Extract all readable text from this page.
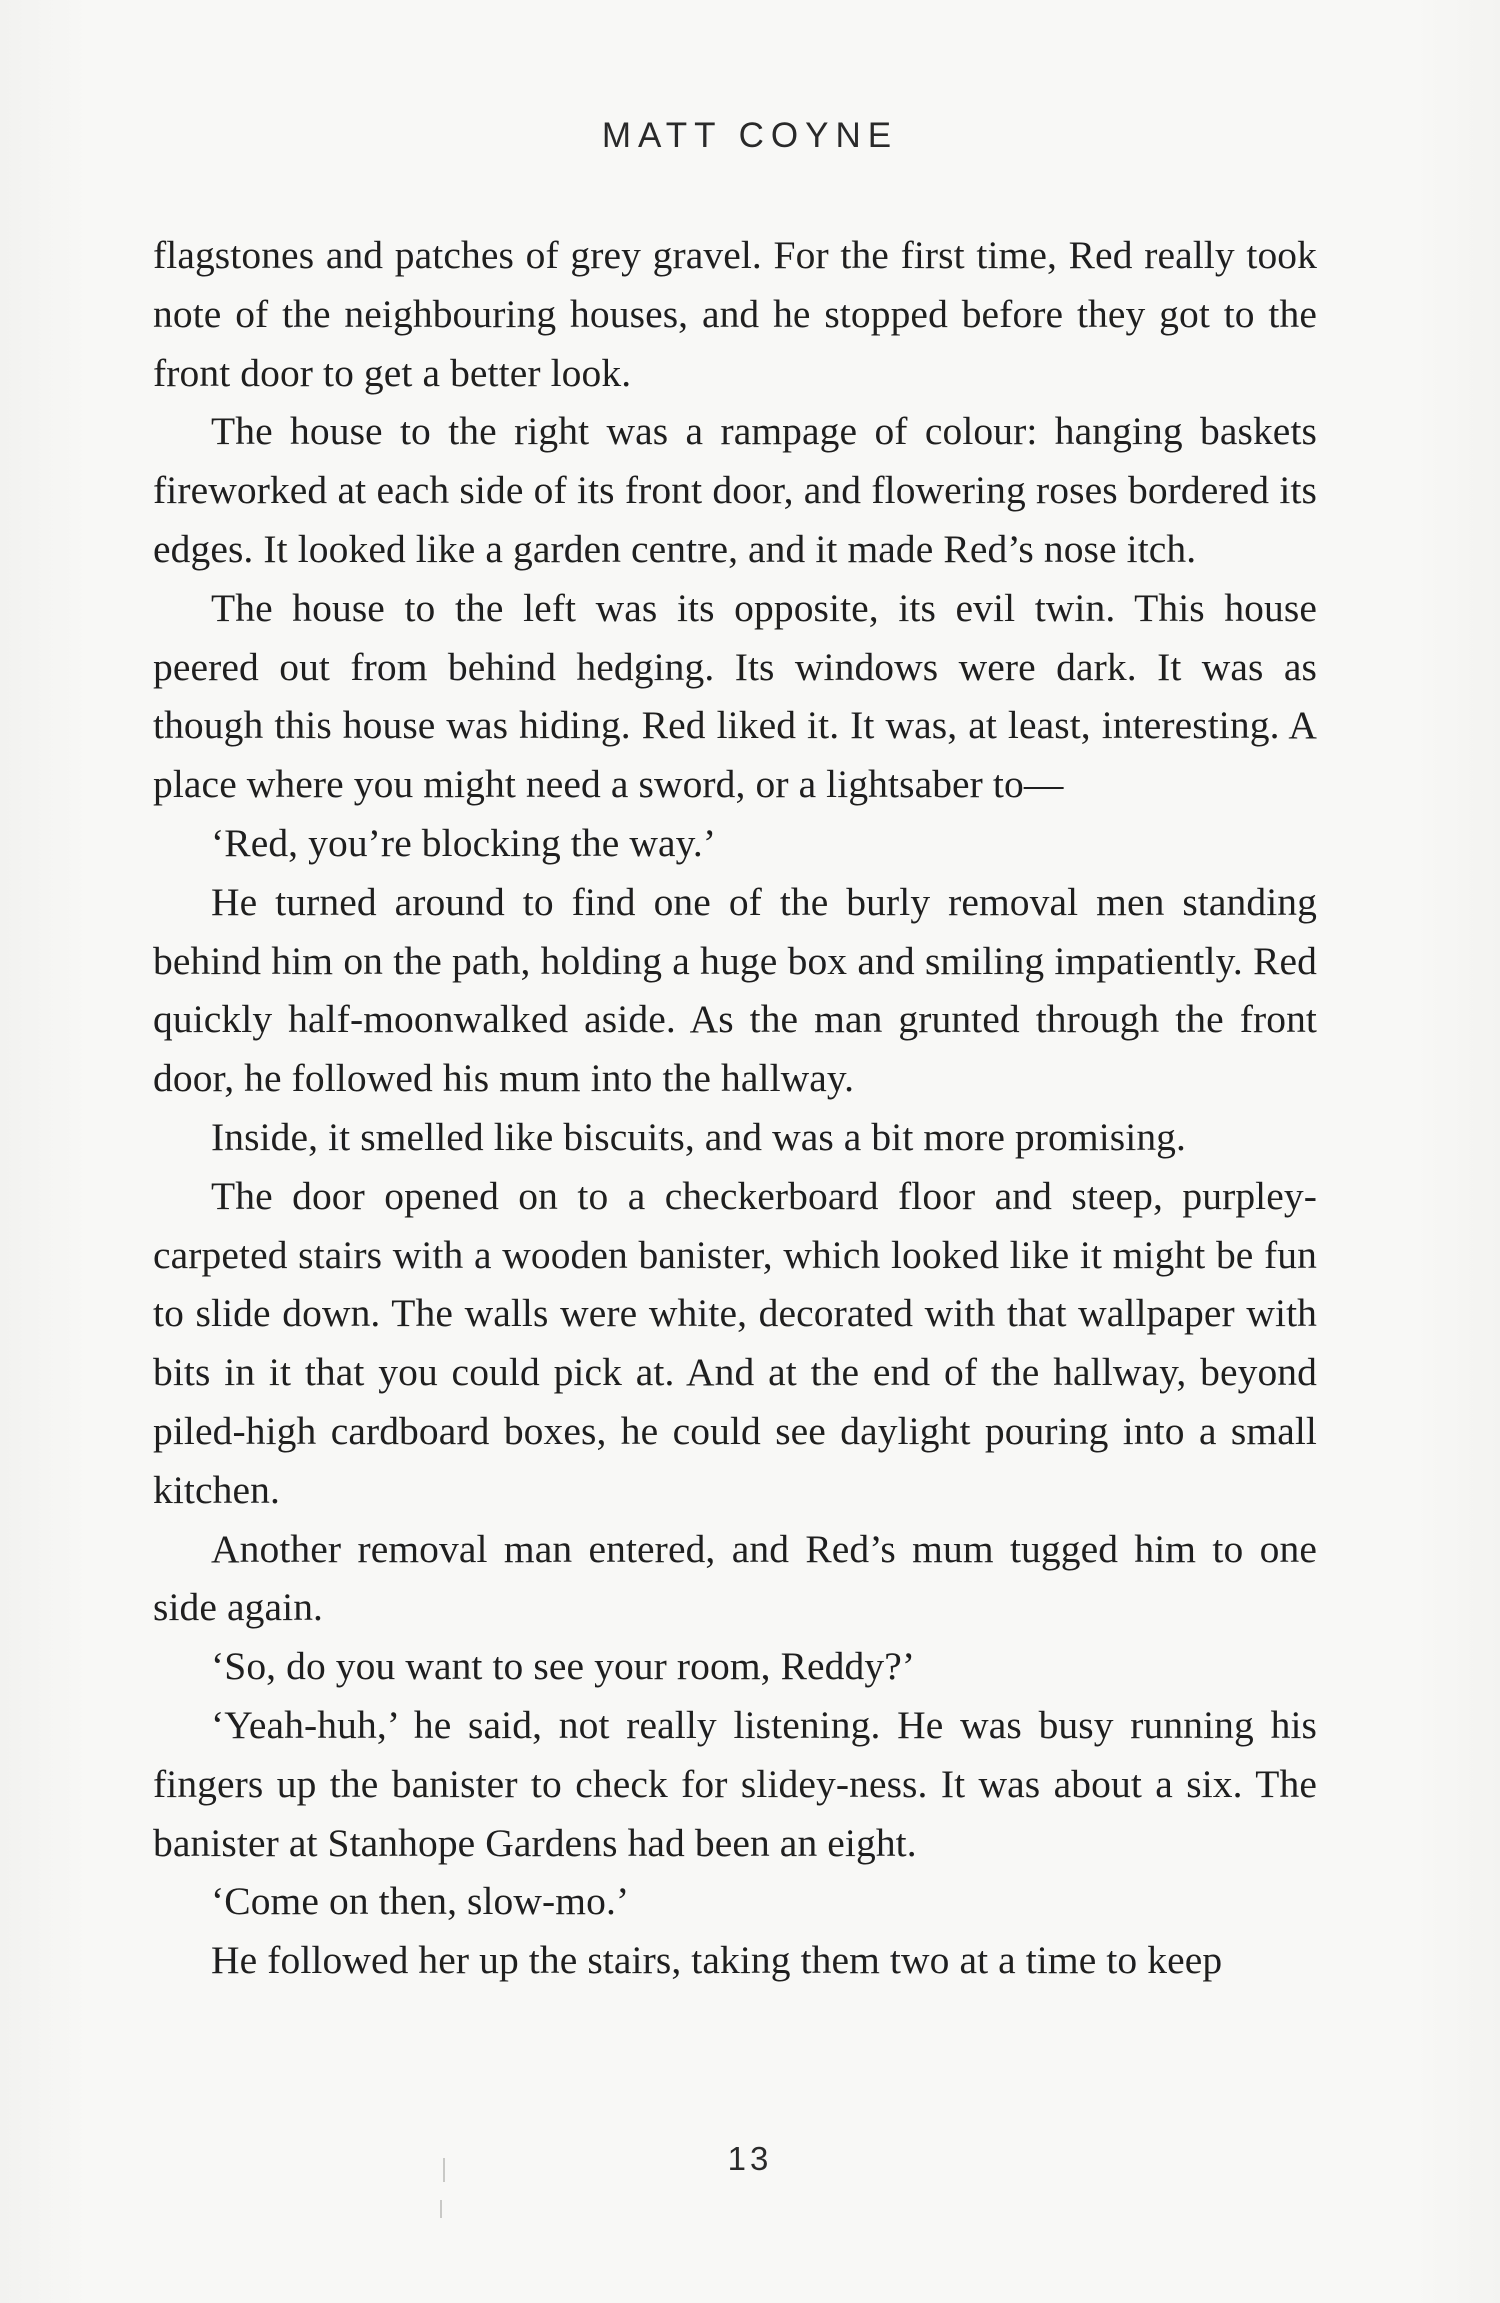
MATT COYNE

flagstones and patches of grey gravel. For the first time, Red really took note of the neighbouring houses, and he stopped before they got to the front door to get a better look.

The house to the right was a rampage of colour: hanging baskets fireworked at each side of its front door, and flowering roses bordered its edges. It looked like a garden centre, and it made Red’s nose itch.

The house to the left was its opposite, its evil twin. This house peered out from behind hedging. Its windows were dark. It was as though this house was hiding. Red liked it. It was, at least, interesting. A place where you might need a sword, or a lightsaber to—

‘Red, you’re blocking the way.’

He turned around to find one of the burly removal men standing behind him on the path, holding a huge box and smiling impatiently. Red quickly half-moonwalked aside. As the man grunted through the front door, he followed his mum into the hallway.

Inside, it smelled like biscuits, and was a bit more promising.

The door opened on to a checkerboard floor and steep, purpley-carpeted stairs with a wooden banister, which looked like it might be fun to slide down. The walls were white, decorated with that wallpaper with bits in it that you could pick at. And at the end of the hallway, beyond piled-high cardboard boxes, he could see daylight pouring into a small kitchen.

Another removal man entered, and Red’s mum tugged him to one side again.

‘So, do you want to see your room, Reddy?’

‘Yeah-huh,’ he said, not really listening. He was busy running his fingers up the banister to check for slidey-ness. It was about a six. The banister at Stanhope Gardens had been an eight.

‘Come on then, slow-mo.’

He followed her up the stairs, taking them two at a time to keep

13
